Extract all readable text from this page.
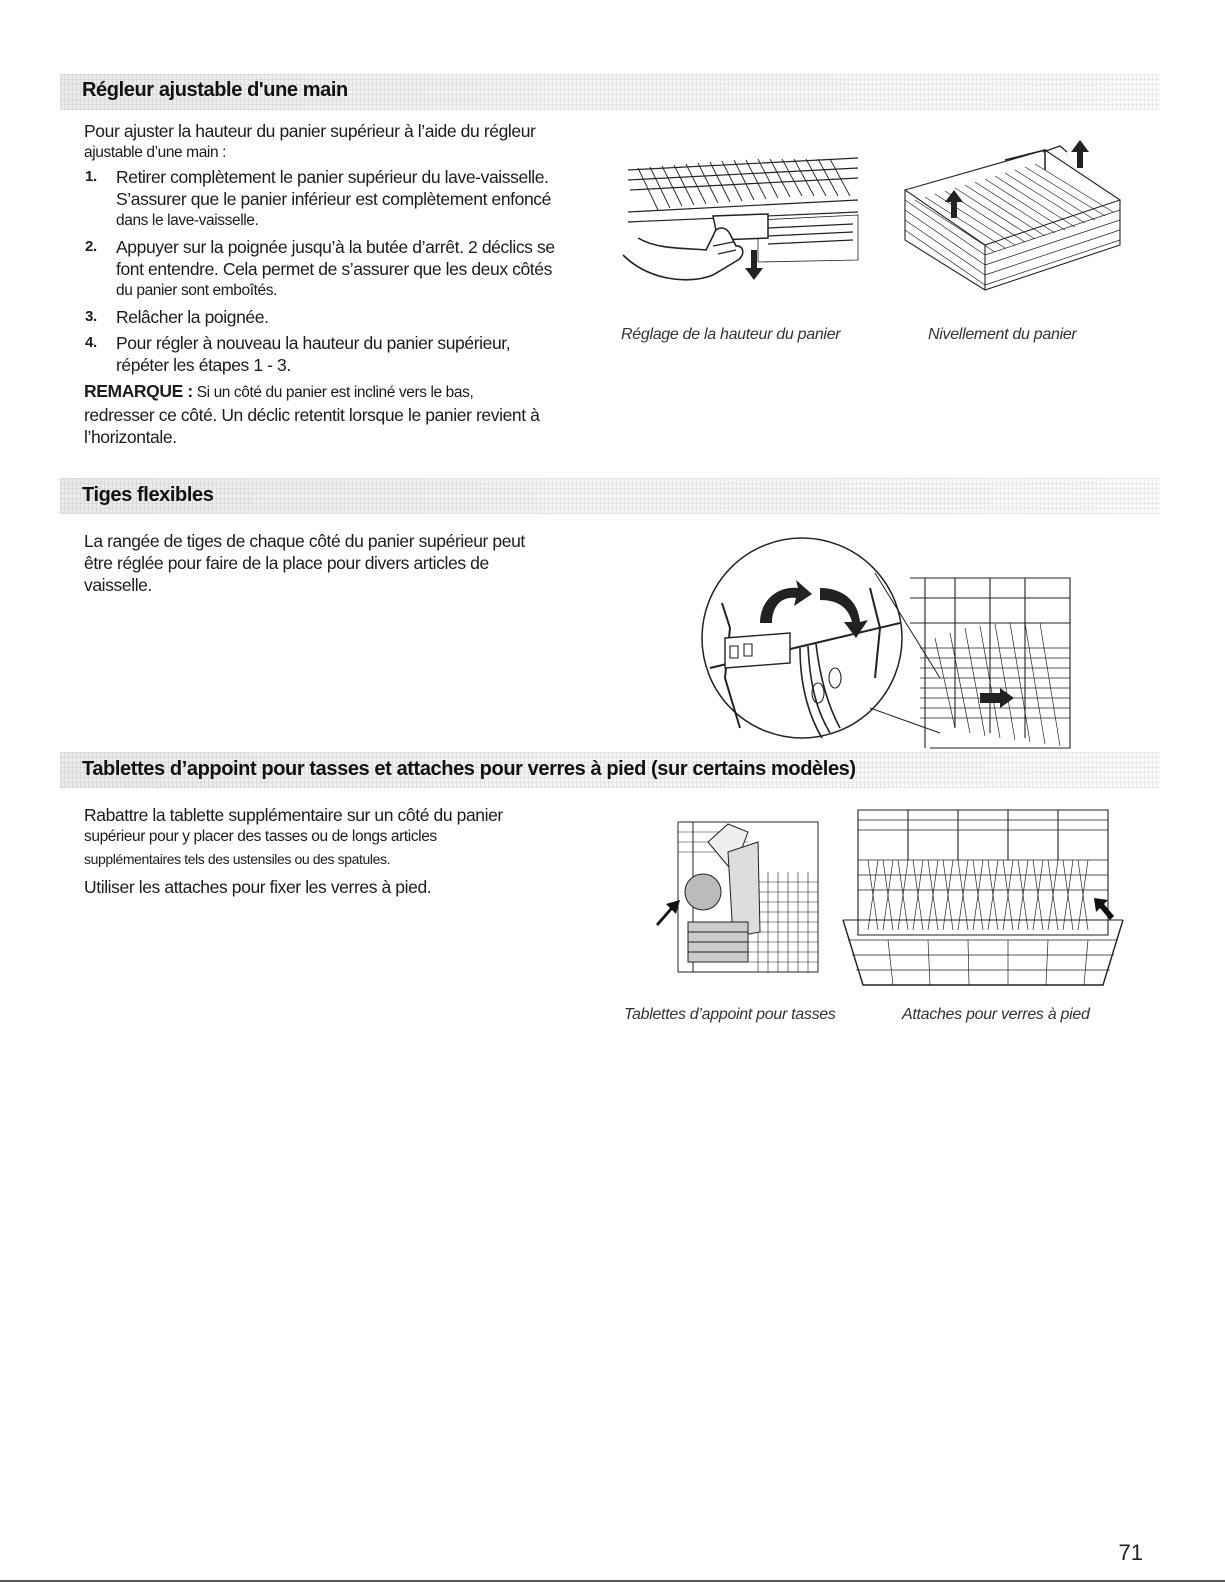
Régleur ajustable d'une main

Pour ajuster la hauteur du panier supérieur à l’aide du régleur

ajustable d’une main :

1. Retirer complètement le panier supérieur du lave-vaisselle.
S’assurer que le panier inférieur est complètement enfoncé
dans le lave-vaisselle.
2. Appuyer sur la poignée jusqu’à la butée d’arrêt. 2 déclics se
font entendre. Cela permet de s’assurer que les deux côtés
du panier sont emboîtés.
3. Relâcher la poignée.
4. Pour régler à nouveau la hauteur du panier supérieur,
répéter les étapes 1 - 3.

REMARQUE : Si un côté du panier est incliné vers le bas,

redresser ce côté. Un déclic retentit lorsque le panier revient à

l’horizontale.

Réglage de la hauteur du panier	Nivellement du panier
Tiges flexibles

La rangée de tiges de chaque côté du panier supérieur peut

être réglée pour faire de la place pour divers articles de

vaisselle.

Tablettes d’appoint pour tasses et attaches pour verres à pied (sur certains modèles)

Rabattre la tablette supplémentaire sur un côté du panier

supérieur pour y placer des tasses ou de longs articles

supplémentaires tels des ustensiles ou des spatules.

Utiliser les attaches pour fixer les verres à pied.

Tablettes d’appoint pour tasses	Attaches pour verres à pied
71
